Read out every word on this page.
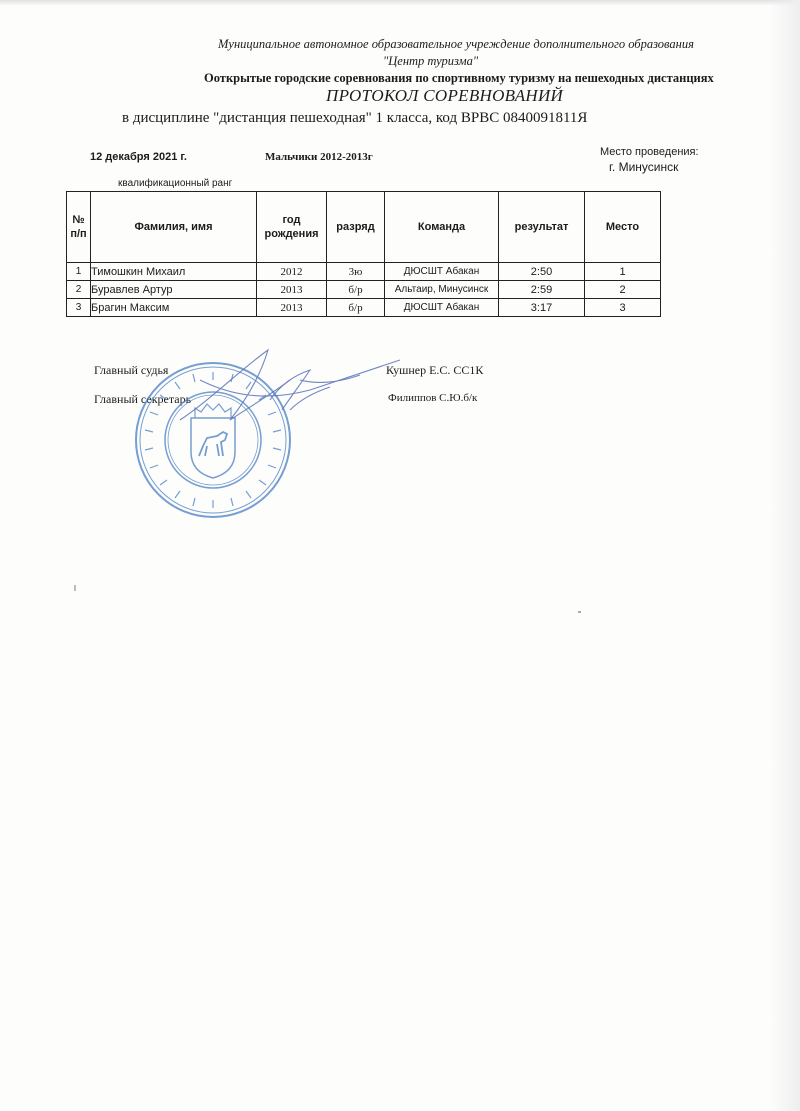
Муниципальное автономное образовательное учреждение дополнительного образования
"Центр туризма"
Ооткрытые городские соревнования по спортивному туризму на пешеходных дистанциях
ПРОТОКОЛ СОРЕВНОВАНИЙ
в дисциплине "дистанция пешеходная" 1 класса, код ВРВС 0840091811Я
12 декабря 2021 г.	Мальчики 2012-2013г	Место проведения:
г. Минусинск
квалификационный ранг
№ п/п	Фамилия, имя	год рождения	разряд	Команда	результат	Место
1	Тимошкин Михаил	2012	3ю	ДЮСШТ Абакан	2:50	1
2	Буравлев Артур	2013	б/р	Альтаир, Минусинск	2:59	2
3	Брагин Максим	2013	б/р	ДЮСШТ Абакан	3:17	3
Главный судья	Кушнер Е.С. СС1К
Главный секретарь	Филиппов С.Ю.б/к
